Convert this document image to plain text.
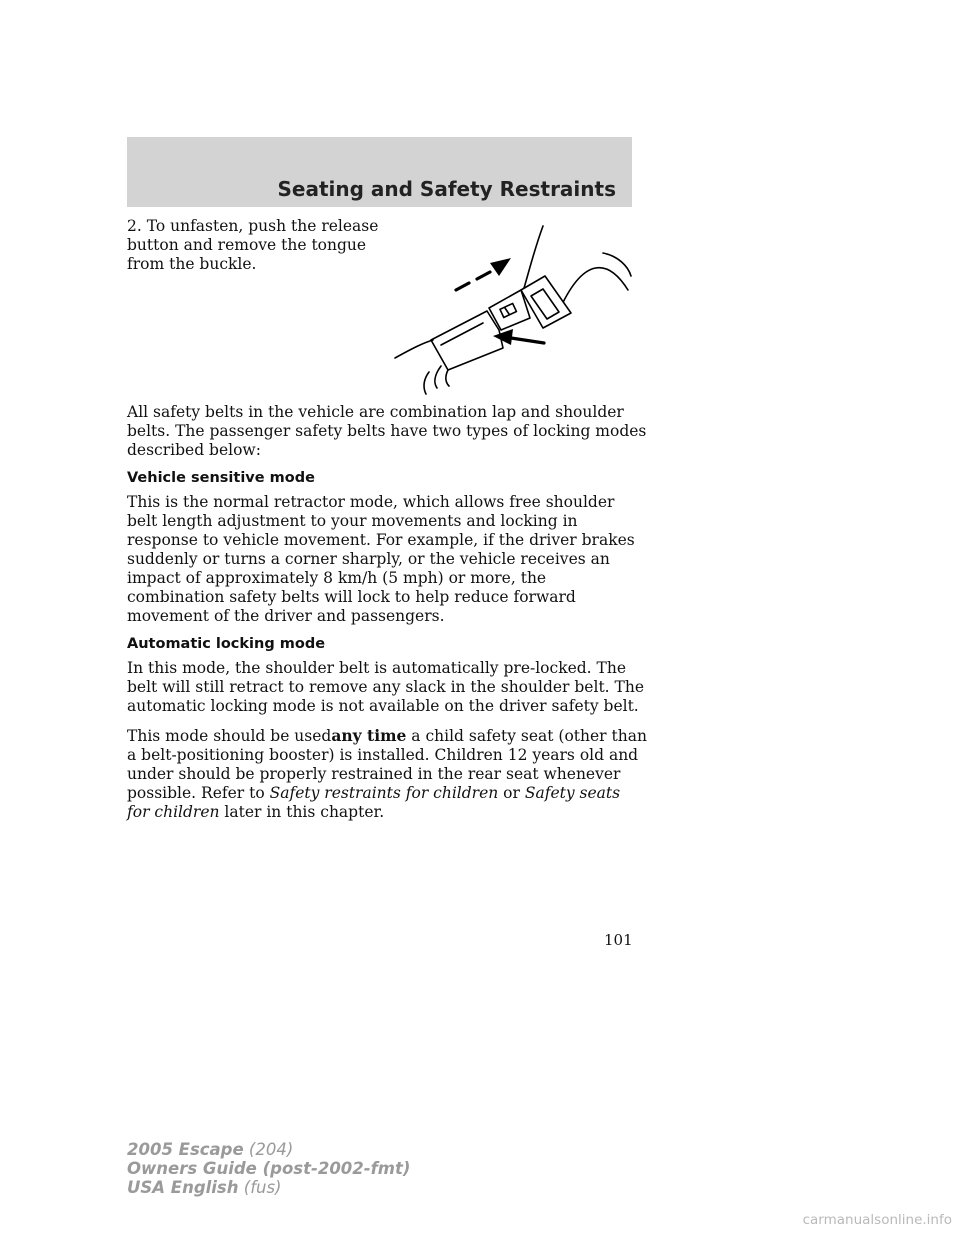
Seating and Safety Restraints

2. To unfasten, push the release button and remove the tongue from the buckle.

All safety belts in the vehicle are combination lap and shoulder belts. The passenger safety belts have two types of locking modes described below:

Vehicle sensitive mode

This is the normal retractor mode, which allows free shoulder belt length adjustment to your movements and locking in response to vehicle movement. For example, if the driver brakes suddenly or turns a corner sharply, or the vehicle receives an impact of approximately 8 km/h (5 mph) or more, the combination safety belts will lock to help reduce forward movement of the driver and passengers.

Automatic locking mode

In this mode, the shoulder belt is automatically pre-locked. The belt will still retract to remove any slack in the shoulder belt. The automatic locking mode is not available on the driver safety belt.

This mode should be usedany time a child safety seat (other than a belt-positioning booster) is installed. Children 12 years old and under should be properly restrained in the rear seat whenever possible. Refer to Safety restraints for children or Safety seats for children later in this chapter.

101
2005 Escape (204)
Owners Guide (post-2002-fmt)
USA English (fus)
carmanualsonline.info
